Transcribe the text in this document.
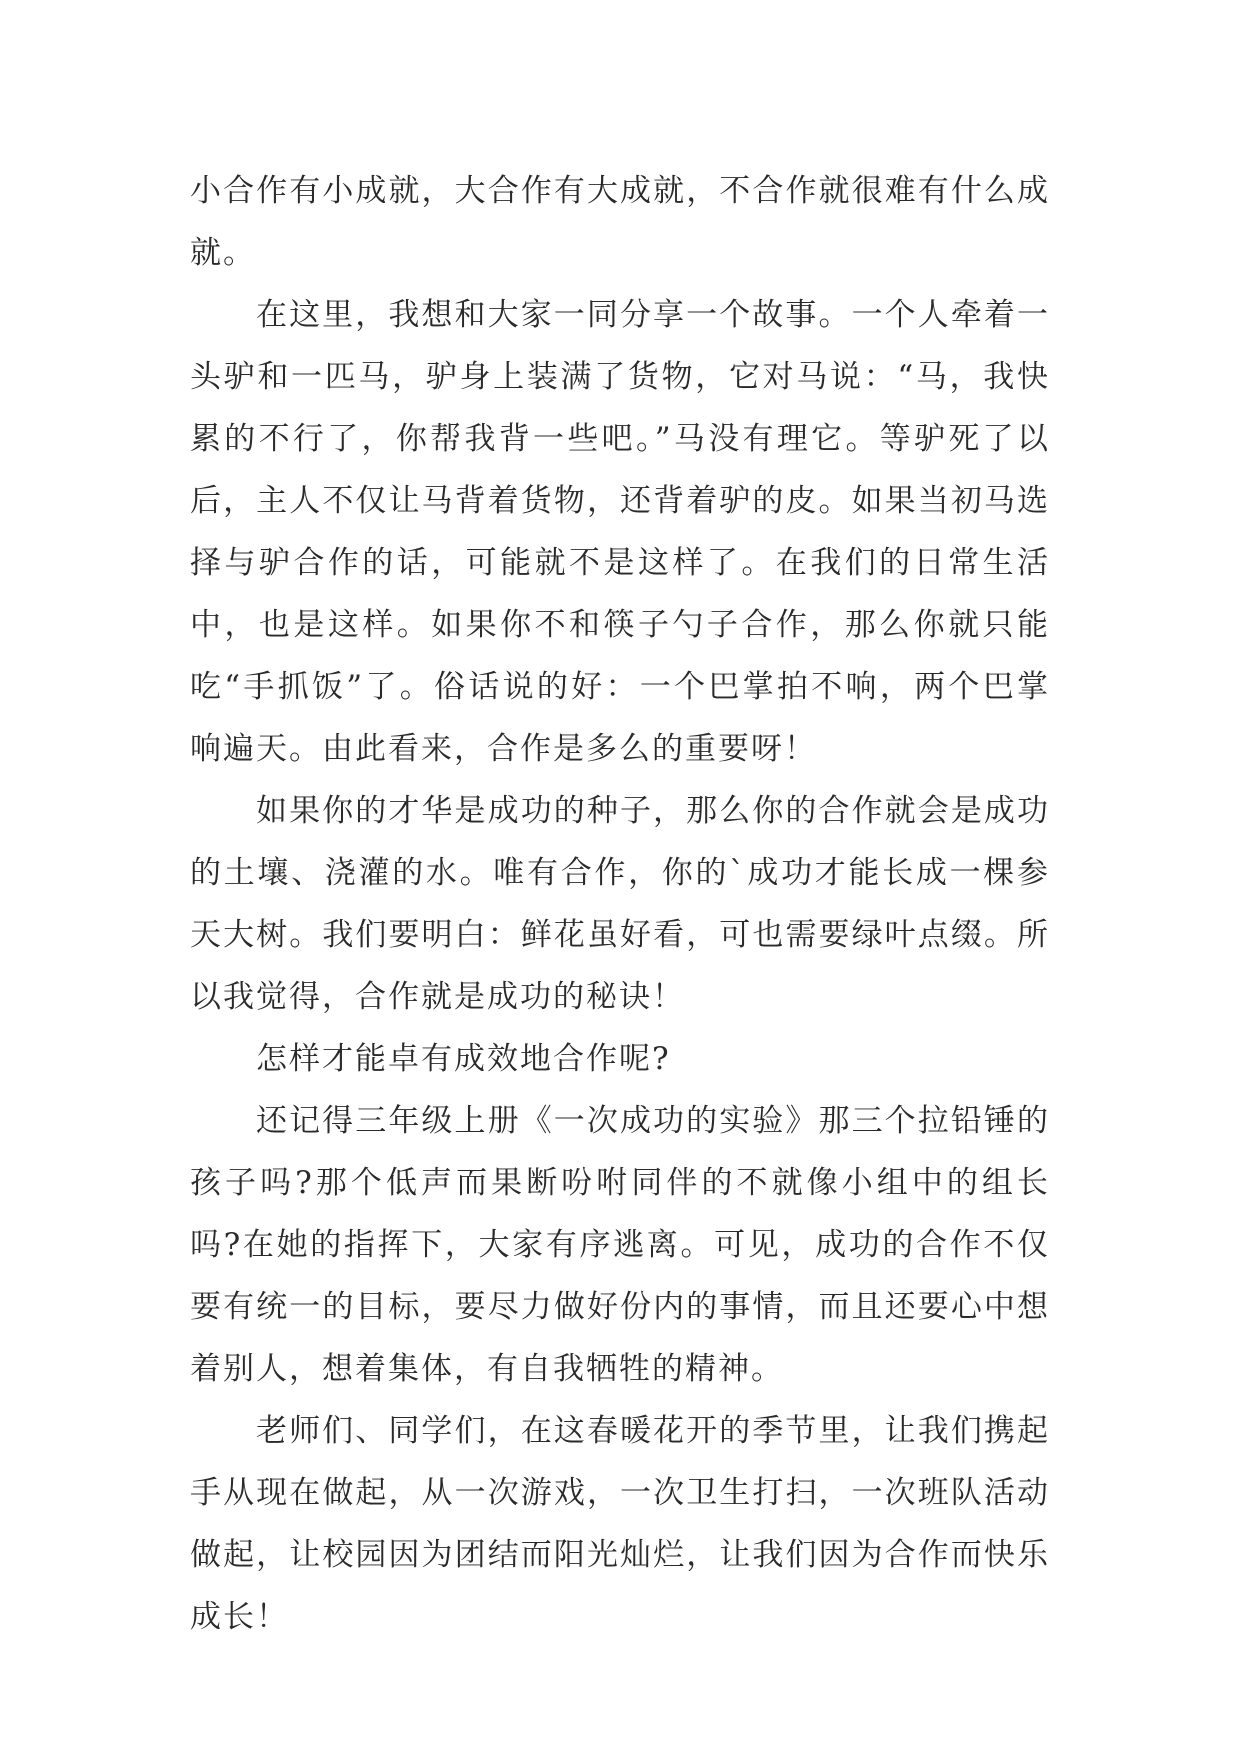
小合作有小成就，大合作有大成就，不合作就很难有什么成就。

在这里，我想和大家一同分享一个故事。一个人牵着一头驴和一匹马，驴身上装满了货物，它对马说：“马，我快累的不行了，你帮我背一些吧。”马没有理它。等驴死了以后，主人不仅让马背着货物，还背着驴的皮。如果当初马选择与驴合作的话，可能就不是这样了。在我们的日常生活中，也是这样。如果你不和筷子勺子合作，那么你就只能吃“手抓饭”了。俗话说的好：一个巴掌拍不响，两个巴掌响遍天。由此看来，合作是多么的重要呀！

如果你的才华是成功的种子，那么你的合作就会是成功的土壤、浇灌的水。唯有合作，你的`成功才能长成一棵参天大树。我们要明白：鲜花虽好看，可也需要绿叶点缀。所以我觉得，合作就是成功的秘诀！

怎样才能卓有成效地合作呢?

还记得三年级上册《一次成功的实验》那三个拉铅锤的孩子吗?那个低声而果断吩咐同伴的不就像小组中的组长吗?在她的指挥下，大家有序逃离。可见，成功的合作不仅要有统一的目标，要尽力做好份内的事情，而且还要心中想着别人，想着集体，有自我牺牲的精神。

老师们、同学们，在这春暖花开的季节里，让我们携起手从现在做起，从一次游戏，一次卫生打扫，一次班队活动做起，让校园因为团结而阳光灿烂，让我们因为合作而快乐成长！
